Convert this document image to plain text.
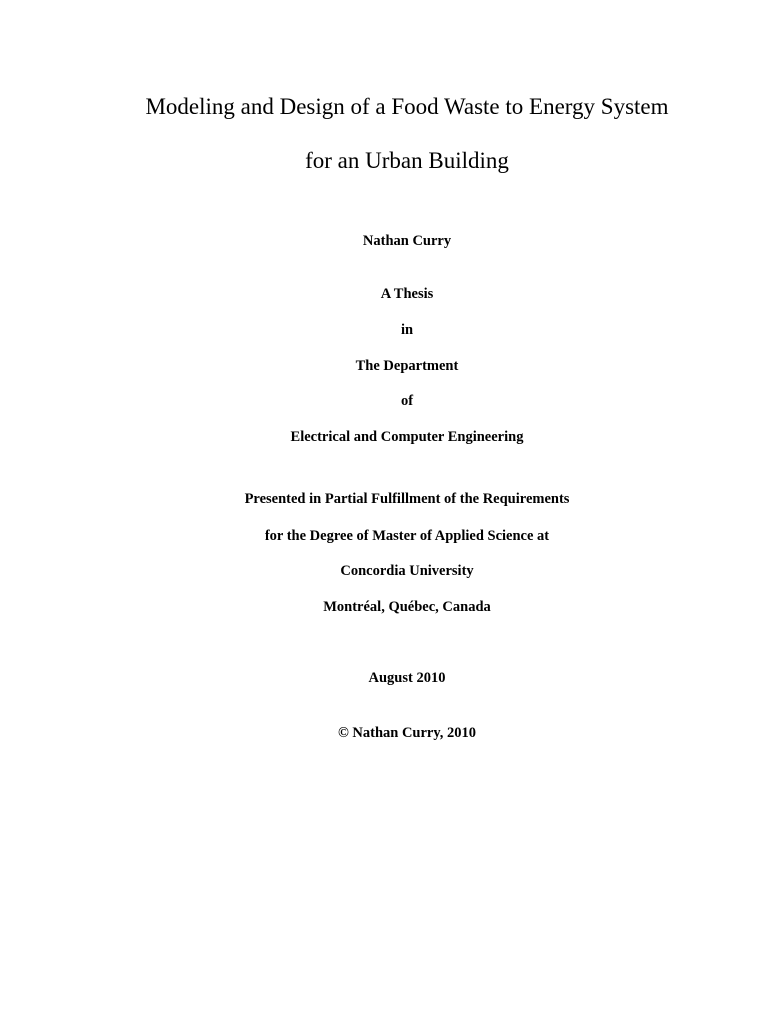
Modeling and Design of a Food Waste to Energy System
for an Urban Building

Nathan Curry

A Thesis

in

The Department

of

Electrical and Computer Engineering

Presented in Partial Fulfillment of the Requirements

for the Degree of Master of Applied Science at

Concordia University

Montréal, Québec, Canada

August 2010

© Nathan Curry, 2010
